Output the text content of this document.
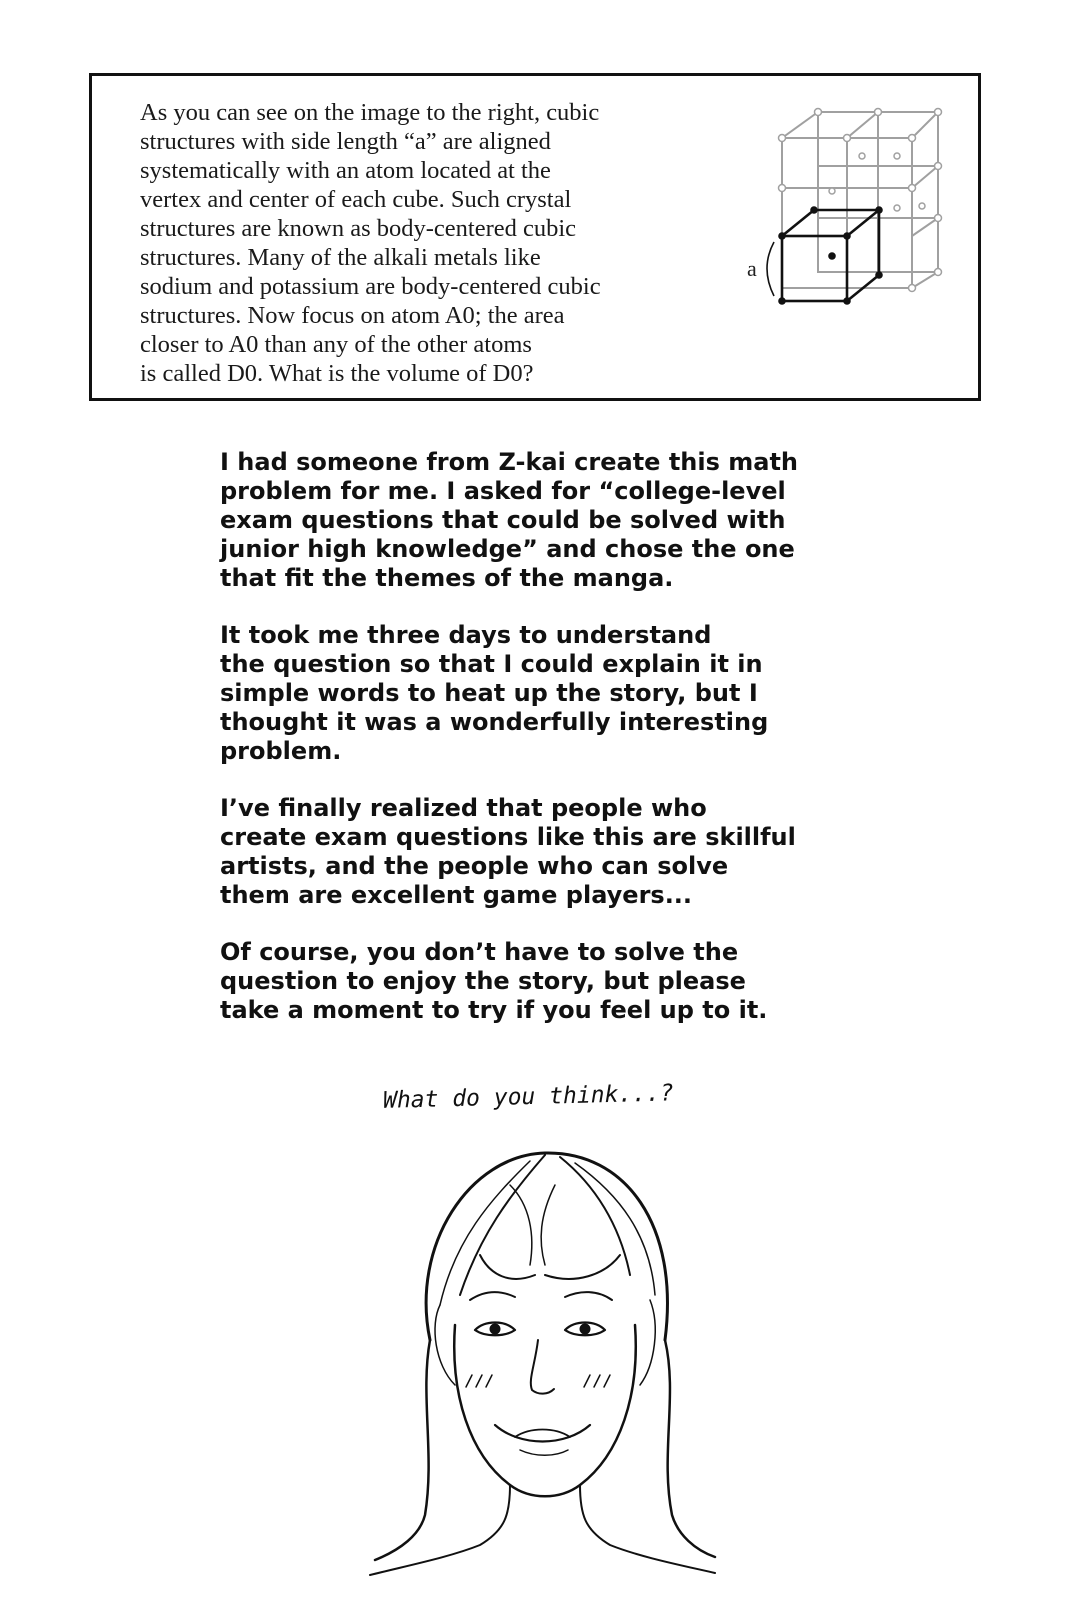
As you can see on the image to the right, cubic
structures with side length “a” are aligned
systematically with an atom located at the
vertex and center of each cube. Such crystal
structures are known as body-centered cubic
structures. Many of the alkali metals like
sodium and potassium are body-centered cubic
structures. Now focus on atom A0; the area
closer to A0 than any of the other atoms
is called D0. What is the volume of D0?
a

I had someone from Z-kai create this math
problem for me. I asked for “college-level
exam questions that could be solved with
junior high knowledge” and chose the one
that fit the themes of the manga.

It took me three days to understand
the question so that I could explain it in
simple words to heat up the story, but I
thought it was a wonderfully interesting
problem.

I’ve finally realized that people who
create exam questions like this are skillful
artists, and the people who can solve
them are excellent game players...

Of course, you don’t have to solve the
question to enjoy the story, but please
take a moment to try if you feel up to it.

What do you think...?
